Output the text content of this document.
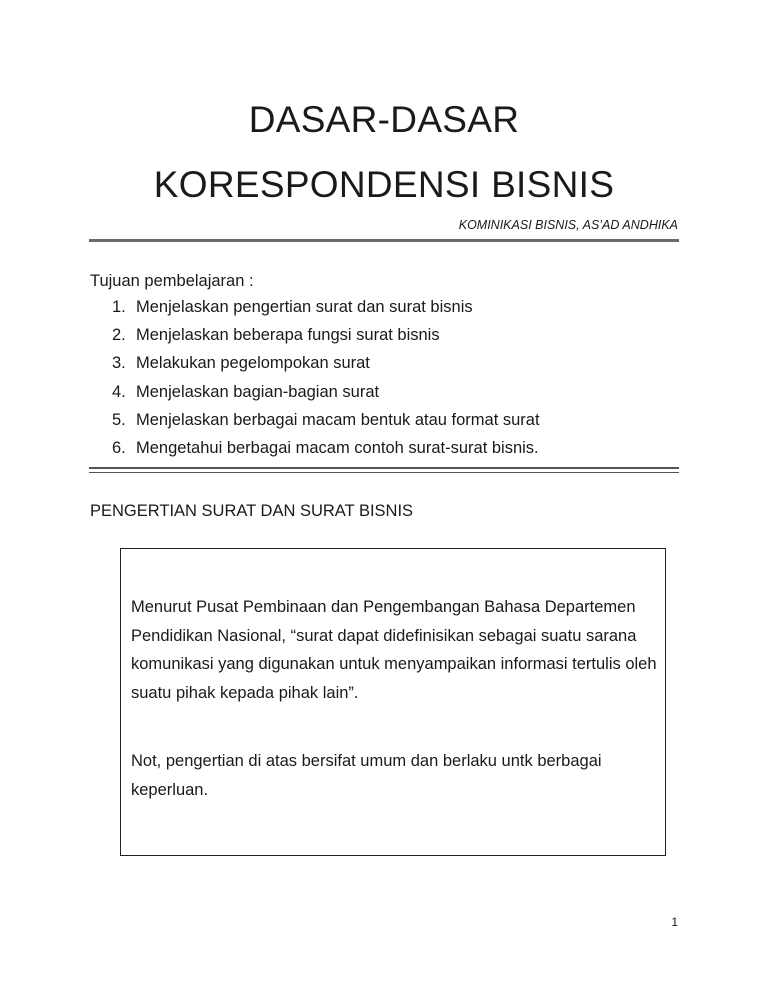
DASAR-DASAR
KORESPONDENSI BISNIS
KOMINIKASI BISNIS, AS’AD ANDHIKA
Tujuan pembelajaran :
1. Menjelaskan pengertian surat dan surat bisnis
2. Menjelaskan beberapa fungsi surat bisnis
3. Melakukan pegelompokan surat
4. Menjelaskan bagian-bagian surat
5. Menjelaskan berbagai macam bentuk atau format surat
6. Mengetahui berbagai macam contoh surat-surat bisnis.
PENGERTIAN SURAT DAN SURAT BISNIS

Menurut Pusat Pembinaan dan Pengembangan Bahasa Departemen Pendidikan Nasional, “surat dapat didefinisikan sebagai suatu sarana komunikasi yang digunakan untuk menyampaikan informasi tertulis oleh suatu pihak kepada pihak lain”.

Not, pengertian di atas bersifat umum dan berlaku untk berbagai keperluan.

1
